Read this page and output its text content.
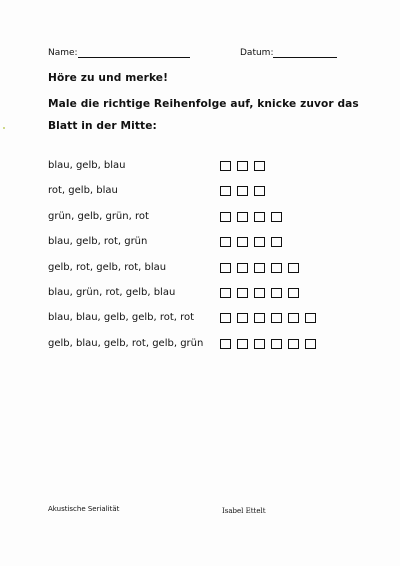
Name:	Datum:
Höre zu und merke!
Male die richtige Reihenfolge auf, knicke zuvor das
Blatt in der Mitte:
blau, gelb, blau
rot, gelb, blau
grün, gelb, grün, rot
blau, gelb, rot, grün
gelb, rot, gelb, rot, blau
blau, grün, rot, gelb, blau
blau, blau, gelb, gelb, rot, rot
gelb, blau, gelb, rot, gelb, grün
Akustische Serialität	Isabel Ettelt
